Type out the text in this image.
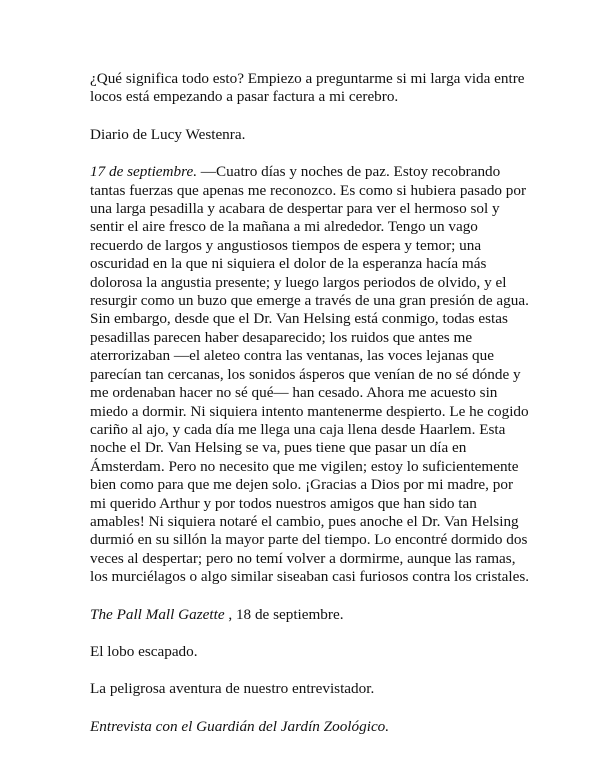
¿Qué significa todo esto? Empiezo a preguntarme si mi larga vida entre locos está empezando a pasar factura a mi cerebro.

Diario de Lucy Westenra.

17 de septiembre. —Cuatro días y noches de paz. Estoy recobrando tantas fuerzas que apenas me reconozco. Es como si hubiera pasado por una larga pesadilla y acabara de despertar para ver el hermoso sol y sentir el aire fresco de la mañana a mi alrededor. Tengo un vago recuerdo de largos y angustiosos tiempos de espera y temor; una oscuridad en la que ni siquiera el dolor de la esperanza hacía más dolorosa la angustia presente; y luego largos periodos de olvido, y el resurgir como un buzo que emerge a través de una gran presión de agua. Sin embargo, desde que el Dr. Van Helsing está conmigo, todas estas pesadillas parecen haber desaparecido; los ruidos que antes me aterrorizaban —el aleteo contra las ventanas, las voces lejanas que parecían tan cercanas, los sonidos ásperos que venían de no sé dónde y me ordenaban hacer no sé qué— han cesado. Ahora me acuesto sin miedo a dormir. Ni siquiera intento mantenerme despierto. Le he cogido cariño al ajo, y cada día me llega una caja llena desde Haarlem. Esta noche el Dr. Van Helsing se va, pues tiene que pasar un día en Ámsterdam. Pero no necesito que me vigilen; estoy lo suficientemente bien como para que me dejen solo. ¡Gracias a Dios por mi madre, por mi querido Arthur y por todos nuestros amigos que han sido tan amables! Ni siquiera notaré el cambio, pues anoche el Dr. Van Helsing durmió en su sillón la mayor parte del tiempo. Lo encontré dormido dos veces al despertar; pero no temí volver a dormirme, aunque las ramas, los murciélagos o algo similar siseaban casi furiosos contra los cristales.

The Pall Mall Gazette , 18 de septiembre.

El lobo escapado.

La peligrosa aventura de nuestro entrevistador.

Entrevista con el Guardián del Jardín Zoológico.
